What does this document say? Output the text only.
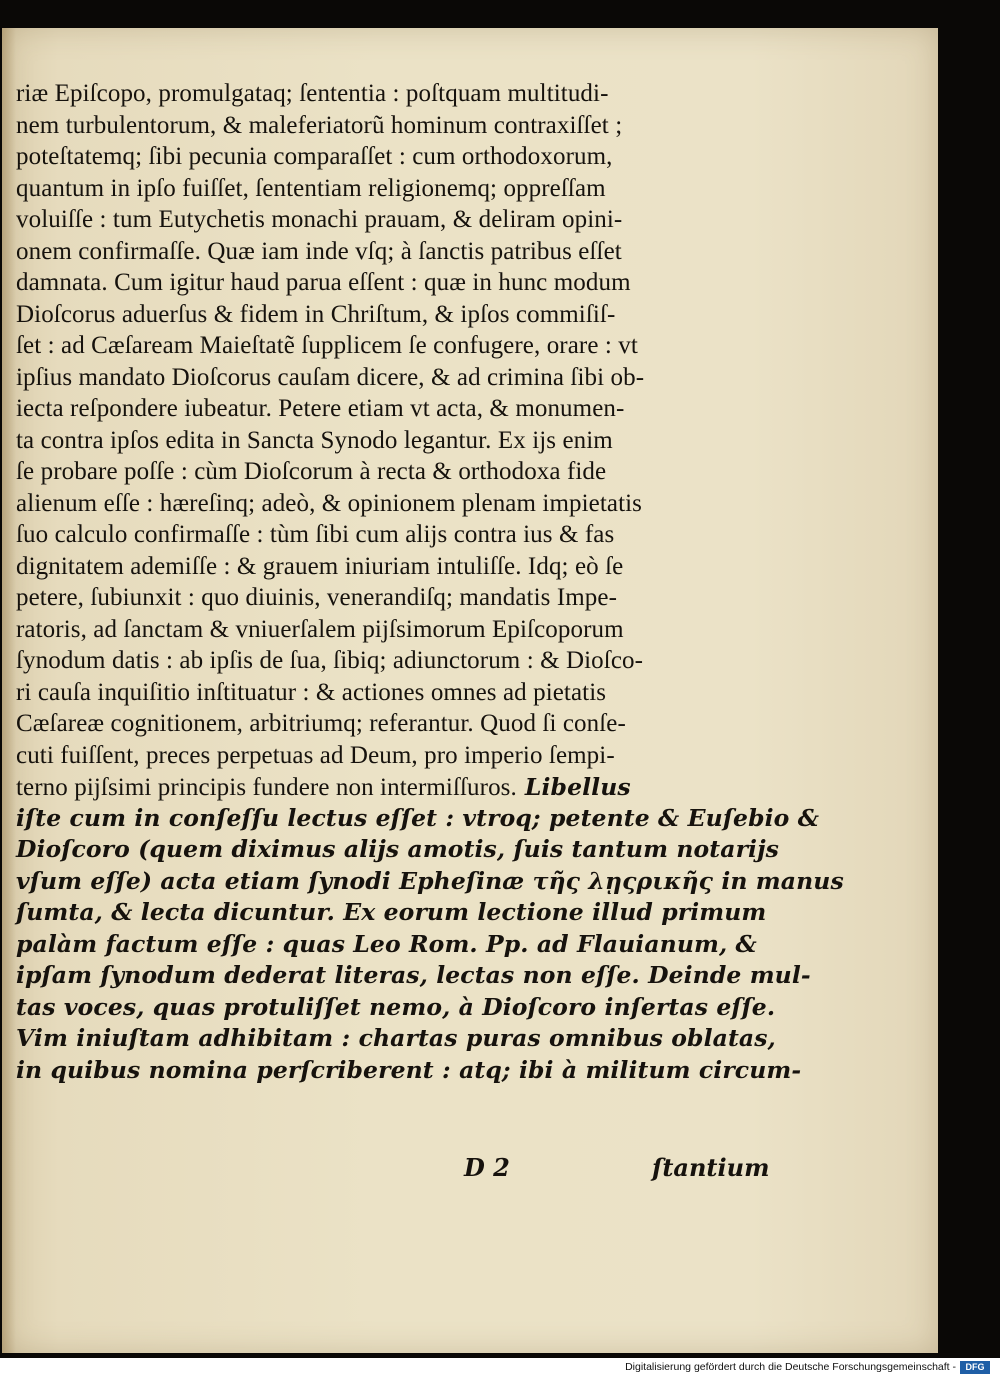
riæ Epiſcopo, promulgataq; ſententia : poſtquam multitudi-
nem turbulentorum, & maleferiatorũ hominum contraxiſſet ;
poteſtatemq; ſibi pecunia comparaſſet : cum orthodoxorum,
quantum in ipſo fuiſſet, ſententiam religionemq; oppreſſam
voluiſſe : tum Eutychetis monachi prauam, & deliram opini-
onem confirmaſſe. Quæ iam inde vſq; à ſanctis patribus eſſet
damnata. Cum igitur haud parua eſſent : quæ in hunc modum
Dioſcorus aduerſus & fidem in Chriſtum, & ipſos commiſiſ-
ſet : ad Cæſaream Maieſtatẽ ſupplicem ſe confugere, orare : vt
ipſius mandato Dioſcorus cauſam dicere, & ad crimina ſibi ob-
iecta reſpondere iubeatur. Petere etiam vt acta, & monumen-
ta contra ipſos edita in Sancta Synodo legantur. Ex ijs enim
ſe probare poſſe : cùm Dioſcorum à recta & orthodoxa fide
alienum eſſe : hæreſinq; adeò, & opinionem plenam impietatis
ſuo calculo confirmaſſe : tùm ſibi cum alijs contra ius & fas
dignitatem ademiſſe : & grauem iniuriam intuliſſe. Idq; eò ſe
petere, ſubiunxit : quo diuinis, venerandiſq; mandatis Impe-
ratoris, ad ſanctam & vniuerſalem pijſsimorum Epiſcoporum
ſynodum datis : ab ipſis de ſua, ſibiq; adiunctorum : & Dioſco-
ri cauſa inquiſitio inſtituatur : & actiones omnes ad pietatis
Cæſareæ cognitionem, arbitriumq; referantur. Quod ſi conſe-
cuti fuiſſent, preces perpetuas ad Deum, pro imperio ſempi-
terno pijſsimi principis fundere non intermiſſuros. Libellus
iſte cum in conſeſſu lectus eſſet : vtroq; petente & Euſebio &
Dioſcoro (quem diximus alijs amotis, ſuis tantum notarijs
vſum eſſe) acta etiam ſynodi Epheſinæ τῆς λῃςρικῆς in manus
ſumta, & lecta dicuntur. Ex eorum lectione illud primum
palàm factum eſſe : quas Leo Rom. Pp. ad Flauianum, &
ipſam ſynodum dederat literas, lectas non eſſe. Deinde mul-
tas voces, quas protuliſſet nemo, à Dioſcoro inſertas eſſe.
Vim iniuſtam adhibitam : chartas puras omnibus oblatas,
in quibus nomina perſcriberent : atq; ibi à militum circum-
D 2	ſtantium
Digitalisierung gefördert durch die Deutsche Forschungsgemeinschaft -	DFG
